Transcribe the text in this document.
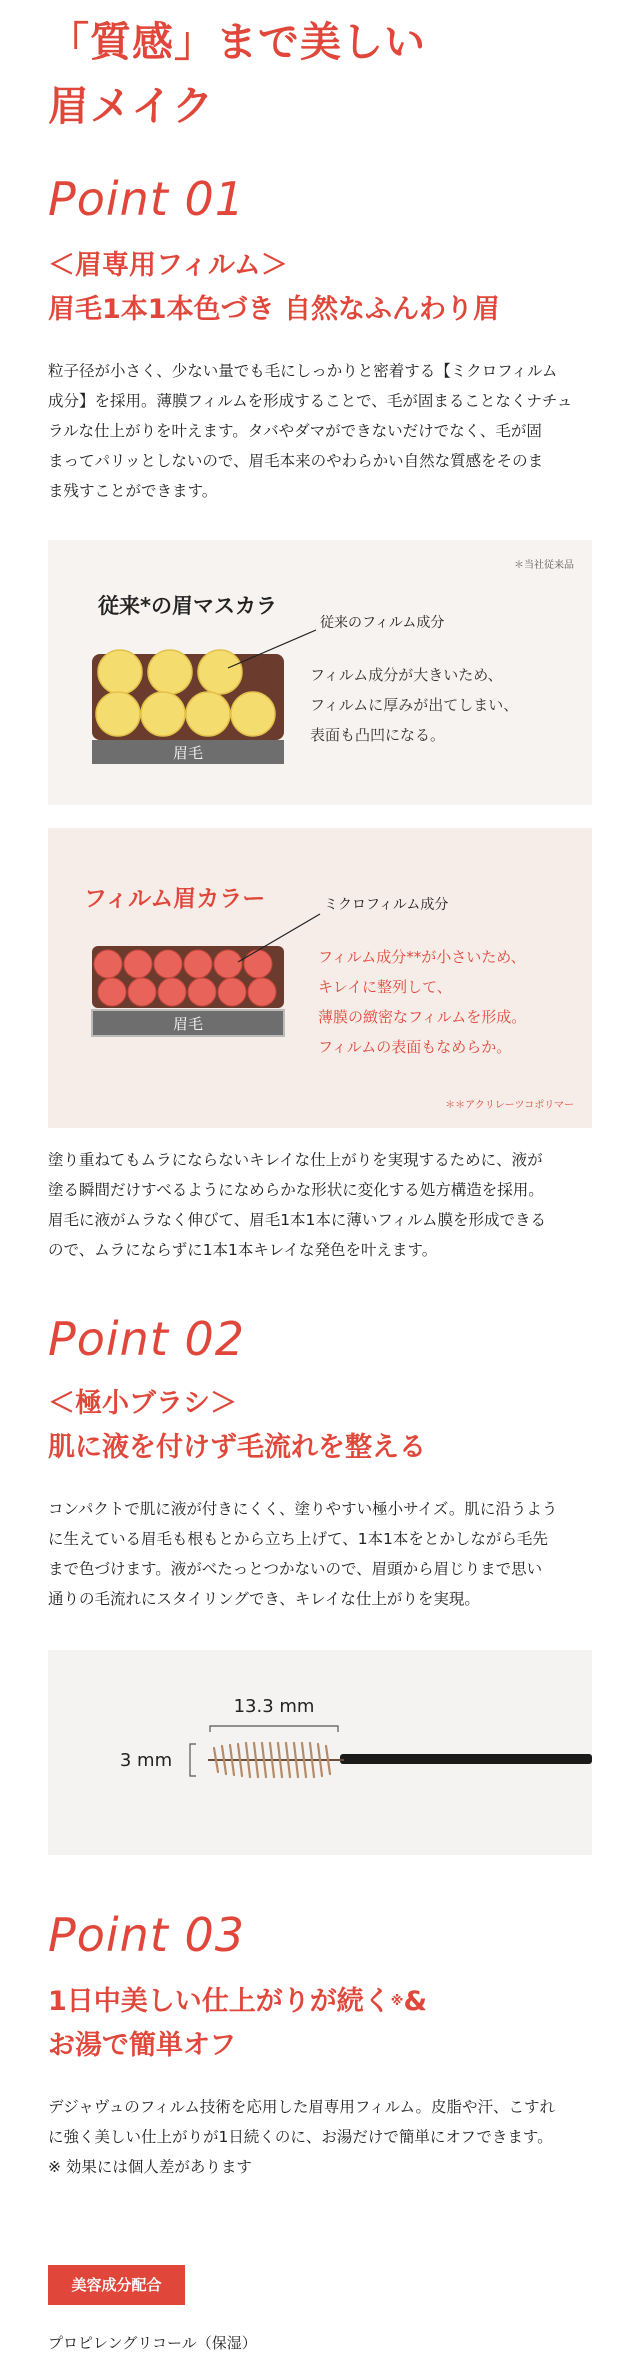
「質感」まで美しい
眉メイク
Point 01
＜眉専用フィルム＞
眉毛1本1本色づき 自然なふんわり眉
粒子径が小さく、少ない量でも毛にしっかりと密着する【ミクロフィルム
成分】を採用。薄膜フィルムを形成することで、毛が固まることなくナチュ
ラルな仕上がりを叶えます。タバやダマができないだけでなく、毛が固
まってパリッとしないので、眉毛本来のやわらかい自然な質感をそのま
ま残すことができます。
＊当社従来品
従来*の眉マスカラ
眉毛
従来のフィルム成分
フィルム成分が大きいため、
フィルムに厚みが出てしまい、
表面も凸凹になる。
フィルム眉カラー
眉毛
ミクロフィルム成分
フィルム成分**が小さいため、
キレイに整列して、
薄膜の緻密なフィルムを形成。
フィルムの表面もなめらか。
＊＊アクリレーツコポリマー
塗り重ねてもムラにならないキレイな仕上がりを実現するために、液が
塗る瞬間だけすべるようになめらかな形状に変化する処方構造を採用。
眉毛に液がムラなく伸びて、眉毛1本1本に薄いフィルム膜を形成できる
ので、ムラにならずに1本1本キレイな発色を叶えます。
Point 02
＜極小ブラシ＞
肌に液を付けず毛流れを整える
コンパクトで肌に液が付きにくく、塗りやすい極小サイズ。肌に沿うよう
に生えている眉毛も根もとから立ち上げて、1本1本をとかしながら毛先
まで色づけます。液がべたっとつかないので、眉頭から眉じりまで思い
通りの毛流れにスタイリングでき、キレイな仕上がりを実現。
13.3 mm
3 mm
Point 03
1日中美しい仕上がりが続く※&
お湯で簡単オフ
デジャヴュのフィルム技術を応用した眉専用フィルム。皮脂や汗、こすれ
に強く美しい仕上がりが1日続くのに、お湯だけで簡単にオフできます。
※ 効果には個人差があります
美容成分配合
プロピレングリコール（保湿）
